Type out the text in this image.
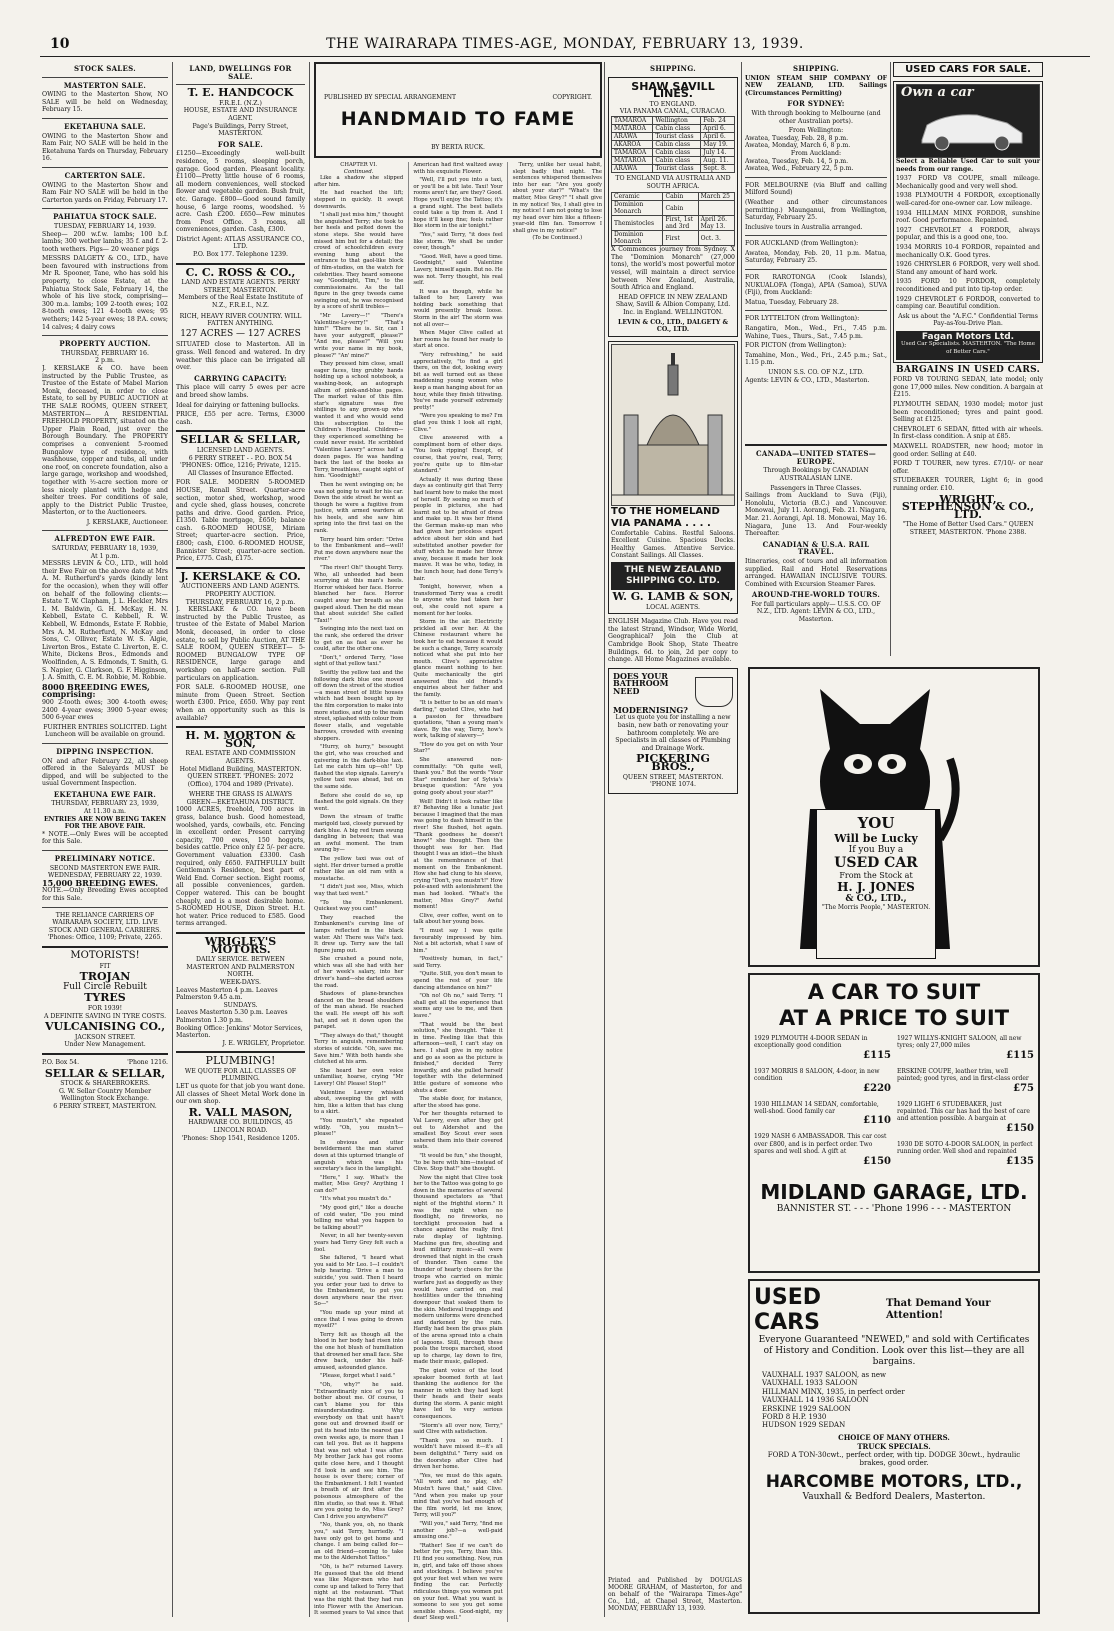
10	THE WAIRARAPA TIMES-AGE, MONDAY, FEBRUARY 13, 1939.
STOCK SALES.
MASTERTON SALE.

OWING to the Masterton Show, NO SALE will be held on Wednesday, February 15.

EKETAHUNA SALE.

OWING to the Masterton Show and Ram Fair, NO SALE will be held in the Eketahuna Yards on Thursday, February 16.

CARTERTON SALE.

OWING to the Masterton Show and Ram Fair NO SALE will be held in the Carterton yards on Friday, February 17.

PAHIATUA STOCK SALE.
TUESDAY, FEBRUARY 14, 1939.

Sheep— 200 w.f.w. lambs; 100 b.f. lambs; 300 wether lambs; 35 f. and f. 2-tooth wethers. Pigs— 20 weaner pigs

MESSRS DALGETY & CO., LTD., have been favoured with instructions from Mr R. Spooner, Tane, who has sold his property, to close Estate, at the Pahiatua Stock Sale, February 14, the whole of his live stock, comprising— 300 m.a. lambs; 109 2-tooth ewes; 102 8-tooth ewes; 121 4-tooth ewes; 95 wethers; 142 5-year ewes; 18 P.A. cows; 14 calves; 4 dairy cows

PROPERTY AUCTION.
THURSDAY, FEBRUARY 16.
2 p.m.

J. KERSLAKE & CO. have been instructed by the Public Trustee, as Trustee of the Estate of Mabel Marion Monk, deceased, in order to close Estate, to sell by PUBLIC AUCTION at THE SALE ROOMS, QUEEN STREET, MASTERTON— A RESIDENTIAL FREEHOLD PROPERTY, situated on the Upper Plain Road, just over the Borough Boundary. The PROPERTY comprises a convenient 5-roomed Bungalow type of residence, with washhouse, copper and tubs, all under one roof, on concrete foundation, also a large garage, workshop and woodshed, together with ½-acre section more or less nicely planted with hedge and shelter trees. For conditions of sale, apply to the District Public Trustee, Masterton, or to the Auctioneers.

J. KERSLAKE, Auctioneer.
ALFREDTON EWE FAIR.
SATURDAY, FEBRUARY 18, 1939,
At 1 p.m.

MESSRS LEVIN & CO., LTD., will hold their Ewe Fair on the above date at Mrs A. M. Rutherfurd's yards (kindly lent for the occasion), when they will offer on behalf of the following clients:— Estate T. W. Clapham, J. L. Heckler, Mrs I. M. Baldwin, G. H. McKay, H. N. Kebbell, Estate C. Kebbell, R. W. Kebbell, W. Edmonds, Estate F. Robbie, Mrs A. M. Rutherfurd, N. McKay and Sons, C. Olliver, Estate W. S. Algie, Liverton Bros., Estate C. Liverton, E. C. White, Dickens Bros., Edmonds and Woolfinden, A. S. Edmonds, T. Smith, G. S. Napier, G. Clarkson, G. F. Higginson, J. A. Smith, C. E. M. Robbie, M. Robbie.

8000 BREEDING EWES, comprising:

900 2-tooth ewes; 300 4-tooth ewes; 2400 4-year ewes; 3900 5-year ewes; 500 6-year ewes

FURTHER ENTRIES SOLICITED. Light Luncheon will be available on ground.

DIPPING INSPECTION.

ON and after February 22, all sheep offered in the Saleyards MUST be dipped, and will be subjected to the usual Government Inspection.

EKETAHUNA EWE FAIR.
THURSDAY, FEBRUARY 23, 1939,
At 11.30 a.m.
ENTRIES ARE NOW BEING TAKEN FOR THE ABOVE FAIR.

* NOTE.—Only Ewes will be accepted for this Sale.

PRELIMINARY NOTICE.
SECOND MASTERTON EWE FAIR.
WEDNESDAY, FEBRUARY 22, 1939.
15,000 BREEDING EWES.

NOTE.—Only Breeding Ewes accepted for this Sale.

THE RELIANCE CARRIERS OF WAIRARAPA SOCIETY, LTD. LIVE STOCK AND GENERAL CARRIERS. 'Phones: Office, 1109; Private, 2265.

MOTORISTS!
FIT
TROJAN
Full Circle Rebuilt
TYRES
FOR 1939!
A DEFINITE SAVING IN TYRE COSTS.
VULCANISING CO.,
JACKSON STREET.
Under New Management.
P.O. Box 54.	'Phone 1216.
SELLAR & SELLAR,
STOCK & SHAREBROKERS.
G. W. Sellar Country Member Wellington Stock Exchange.
6 PERRY STREET, MASTERTON.
LAND, DWELLINGS FOR SALE.
T. E. HANDCOCK
F.R.E.I. (N.Z.)
HOUSE, ESTATE AND INSURANCE AGENT.
Page's Buildings, Perry Street, MASTERTON.
FOR SALE.

£1250—Exceedingly well-built residence, 5 rooms, sleeping porch, garage. Good garden. Pleasant locality. £1100—Pretty little house of 6 rooms, all modern conveniences, well stocked flower and vegetable garden. Bush fruit, etc. Garage. £800—Good sound family house, 6 large rooms, woodshed. ½ acre. Cash £200. £650—Few minutes from Post Office. 3 rooms, all conveniences, garden. Cash, £300.

District Agent: ATLAS ASSURANCE CO., LTD.
P.O. Box 177. Telephone 1239.
C. C. ROSS & CO.,
LAND AND ESTATE AGENTS. PERRY STREET, MASTERTON.
Members of the Real Estate Institute of N.Z., F.R.E.I., N.Z.
RICH, HEAVY RIVER COUNTRY. WILL FATTEN ANYTHING.
127 ACRES — 127 ACRES

SITUATED close to Masterton. All in grass. Well fenced and watered. In dry weather this place can be irrigated all over.

CARRYING CAPACITY:

This place will carry 5 ewes per acre and breed show lambs.

Ideal for dairying or fattening bullocks.

PRICE, £55 per acre. Terms, £3000 cash.

SELLAR & SELLAR,
LICENSED LAND AGENTS.

6 PERRY STREET - - P.O. BOX 54 'PHONES: Office, 1216; Private, 1215. All Classes of Insurance Effected.

FOR SALE. MODERN 5-ROOMED HOUSE, Renall Street. Quarter-acre section, motor shed, workshop, wood and cycle shed, glass houses, concrete paths and drive. Good garden. Price, £1350. Table mortgage, £650; balance cash. 6-ROOMED HOUSE, Miriam Street; quarter-acre section. Price, £800; cash, £100. 6-ROOMED HOUSE, Bannister Street; quarter-acre section. Price, £775. Cash, £175.

J. KERSLAKE & CO.
AUCTIONEERS AND LAND AGENTS. PROPERTY AUCTION.
THURSDAY, FEBRUARY 16, 2 p.m.

J. KERSLAKE & CO. have been instructed by the Public Trustee, as trustee of the Estate of Mabel Marion Monk, deceased, in order to close estate, to sell by Public Auction, AT THE SALE ROOM, QUEEN STREET— 5-ROOMED BUNGALOW TYPE OF RESIDENCE, large garage and workshop on half-acre section. Full particulars on application.

FOR SALE. 6-ROOMED HOUSE, one minute from Queen Street. Section worth £300. Price, £650. Why pay rent when an opportunity such as this is available?

H. M. MORTON & SON,
REAL ESTATE AND COMMISSION AGENTS.
Hotel Midland Building, MASTERTON. QUEEN STREET. 'PHONES: 2072 (Office), 1704 and 1989 (Private).
WHERE THE GRASS IS ALWAYS GREEN—EKETAHUNA DISTRICT.

1000 ACRES, freehold, 700 acres in grass, balance bush. Good homestead, woolshed, yards, cowbails, etc. Fencing in excellent order. Present carrying capacity, 700 ewes, 150 hoggets, besides cattle. Price only £2 5/- per acre. Government valuation £3300. Cash required, only £650. FAITHFULLY built Gentleman's Residence, best part of Weld End. Corner section. Eight rooms, all possible conveniences, garden. Copper watered. This can be bought cheaply, and is a most desirable home. 5-ROOMED HOUSE, Dixon Street. H.t. hot water. Price reduced to £585. Good terms arranged.

WRIGLEY'S MOTORS.
DAILY SERVICE. BETWEEN MASTERTON AND PALMERSTON NORTH.
WEEK-DAYS.
Leaves Masterton 4 p.m. Leaves Palmerston 9.45 a.m.
SUNDAYS.
Leaves Masterton 5.30 p.m. Leaves Palmerston 1.30 p.m.
Booking Office: Jenkins' Motor Services, Masterton.
J. E. WRIGLEY, Proprietor.
PLUMBING!
WE QUOTE FOR ALL CLASSES OF PLUMBING.

LET us quote for that job you want done. All classes of Sheet Metal Work done in our own shop.

R. VALL MASON,
HARDWARE CO. BUILDINGS, 45 LINCOLN ROAD.
'Phones: Shop 1541, Residence 1205.
PUBLISHED BY SPECIAL ARRANGEMENT	COPYRIGHT.
HANDMAID TO FAME
BY BERTA RUCK.
CHAPTER VI.
Continued.

Like a shadow she slipped after him.

He had reached the lift; stepped in quickly. It swept downwards.

"I shall just miss him," thought the anguished Terry; she took to her heels and pelted down the stone steps. She would have missed him but for a detail; the crowd of schoolchildren every evening hung about the entrance to that gaol-like block of film-studios, on the watch for celebrities. They heard someone say "Goodnight, Tim," to the commissionaire. As the tall figure in the grey tweeds came swinging out, he was recognised by a score of shrill trebles—

"Mr Lavery—!" "There's Valentine-Ly-verry!" "That's him!" "There he is. Sir, can I have your autygreff, please?" "And me, please?" "Will you write your name in my book, please?" "An' mine?"

They pressed him close, small eager faces, tiny grubby hands holding up a school notebook, a washing-book, an autograph album of pink-and-blue pages. The market value of this film star's signature was five shillings to any grown-up who wanted it and who would send this subscription to the Children's Hospital. Children—they experienced something he could never resist. He scribbled "Valentine Lavery" across half a dozen pages. He was handing back the last of the books as Terry, breathless, caught sight of him. "Goodnight!"

Then he went swinging on; he was not going to wait for his car. Down the side street he went as though he were a fugitive from justice, with armed warders at his heels, and she saw him spring into the first taxi on the rank.

Terry heard him order: "Drive to the Embankment and—well! Put me down anywhere near the river."

"The river! Oh!" thought Terry. Who, all unheeded had been scurrying at this man's heels. Horror whisked her face. Horror blanched her face. Horror caught away her breath as she gasped aloud. Then he did mean that about suicide! She called "Taxi!"

Swinging into the next taxi on the rank, she ordered the driver to get on as fast as ever he could, after the other one.

"Don't," ordered Terry, "lose sight of that yellow taxi."

Swiftly the yellow taxi and the following dark blue one moved off down the street of the studios—a mean street of little houses which had been bought up by the film corporation to make into more studios, and up to the main street, splashed with colour from flower stalls, and vegetable barrows, crowded with evening shoppers.

"Hurry, oh hurry," besought the girl, who was crouched and quivering in the dark-blue taxi. Let me catch him up—oh!" Up flashed the stop signals. Lavery's yellow taxi was ahead, but on the same side.

Before she could do so, up flashed the gold signals. On they went.

Down the stream of traffic marigold taxi, closely pursued by dark blue. A big red tram swung dangling in between; that was an awful moment. The tram swung by—

The yellow taxi was out of sight. Her driver turned a profile rather like an old ram with a moustache.

"I didn't just see, Miss, which way that taxi went."

"To the Embankment. Quickest way you can!"

They reached the Embankment's curving line of lamps reflected in the black water. Ah! There was Val's taxi. It drew up. Terry saw the tall figure jump out.

She crushed a pound note, which was all she had with her of her week's salary, into her driver's hand—she darted across the road.

Shadows of plane-branches danced on the broad shoulders of the man ahead. He reached the wall. He swept off his soft hat, and set it down upon the parapet.

"They always do that," thought Terry in anguish, remembering stories of suicide. "Oh, save me. Save him." With both hands she clutched at his arm.

She heard her own voice unfamiliar, hoarse, crying "Mr Lavery! Oh! Please! Stop!"

Valentine Lavery whisked about, sweeping the girl with him, like a kitten that has clung to a skirt.

"You mustn't," she repeated wildly. "Oh, you mustn't—please!"

In obvious and utter bewilderment the man stared down at this upturned triangle of anguish which was his secretary's face in the lamplight.

"Here," I say. What's the matter, Miss Grey? Anything I can do?"

"It's what you mustn't do."

"My good girl," like a douche of cold water, "Do you mind telling me what you happen to be talking about?"

Never, in all her twenty-seven years had Terry Grey felt such a fool.

She faltered, "I heard what you said to Mr Leo. I—I couldn't help hearing. 'Drive a man to suicide,' you said. Then I heard you order your taxi to drive to the Embankment, to put you down anywhere near the river. So—"

"You made up your mind at once that I was going to drown myself?"

Terry felt as though all the blood in her body had risen into the one hot blush of humiliation that drowned her small face. She drew back, under his half-amused, astounded glance.

"Please, forget what I said."

"Oh, why?" he said. "Extraordinarily nice of you to bother about me. Of course, I can't blame you for this misunderstanding. Why everybody on that unit hasn't gone out and drowned itself or put its head into the nearest gas oven weeks ago, is more than I can tell you. But as it happens that was not what I was after. My brother Jack has got rooms quite close here, and I thought I'd look in and see him. The house is over there; corner of the Embankment. I felt I wanted a breath of air first after the poisonous atmosphere of the film studio, so that was it. What are you going to do, Miss Grey? Can I drive you anywhere?"

"No, thank you, oh, no thank you," said Terry, hurriedly. "I have only got to get home and change. I am being called for—an old friend—coming to take me to the Aldershot Tattoo."

"Oh, is he?" returned Lavery. He guessed that the old friend was like Major-men who had come up and talked to Terry that night at the restaurant. "That was the night that they had run into Flower with the American. It seemed years to Val since that American had first waltzed away with his exquisite Flower.

"Well, I'll put you into a taxi, or you'll be a bit late. Taxi! Your rooms aren't far, are they? Good. Hope you'll enjoy the Tattoo; it's a grand sight. The best ballets could take a tip from it. And I hope it'll keep fine; feels rather like storm in the air tonight."

"Yes," said Terry, "it does feel like storm. We shall be under cover, though."

"Good. Well, have a good time. Goodnight," said Valentine Lavery, himself again. But no. He was not. Terry thought, his real self.

It was as though, while he talked to her, Lavery was holding back something that would presently break loose. Storm in the air! The storm was not all over—

When Major Clive called at her rooms he found her ready to start at once.

"Very refreshing," he said appreciatively, "to find a girl there, on the dot, looking every bit as well turned out as these maddening young women who keep a man hanging about for an hour, while they finish titivating. You've made yourself extremely pretty!"

"Were you speaking to me? I'm glad you think I look all right, Clive."

Clive answered with a compliment born of other days. "You look ripping! Except, of course, that you're, real, Terry, you're quite up to film-star standard."

Actually it was during these days as continuity girl that Terry had learnt how to make the most of herself. By seeing so much of people in pictures, she had learnt not to be afraid of dress and make up. It was her friend the German make-up man who had given her priceless expert advice about her skin and had substituted another powder for stuff which he made her throw away, because it made her look mauve. It was he who, today, in the lunch hour, had done Terry's hair.

Tonight, however, when a transformed Terry was a credit to anyone who had taken her out, she could not spare a moment for her looks.

Storm in the air. Electricity prickled all over her. At the Chinese restaurant where he took her to eat because it would be such a change, Terry scarcely noticed what she put into her mouth. Clive's appreciative glance meant nothing to her. Quite mechanically the girl answered this old friend's enquiries about her father and the family.

"It is better to be an old man's darling," quoted Clive, who had a passion for threadbare quotations, "than a young man's slave. By the way, Terry, how's work, talking of slavery—"

"How do you get on with Your Star?"

She answered non-committally: "Oh quite well, thank you." But the words "Your Star" reminded her of Sylvia's brusque question: "Are you going goofy about your star?"

Well! Didn't it look rather like it? Behaving like a lunatic just because I imagined that the man was going to dash himself in the river! She flushed, hot again. "Thank goodness he doesn't know!" she thought. Then the thought was for her. Had thought I was an idiot—the blush at the remembrance of that moment on the Embankment. How she had clung to his sleeve, crying "Don't, you mustn't!" How pole-axed with astonishment the man had looked. "What's the matter, Miss Grey?" Awful moment!

Clive, over coffee, went on to talk about her young boss.

"I must say I was quite favourably impressed by him. Not a bit actorish, what I saw of him."

"Positively human, in fact," said Terry.

"Quite. Still, you don't mean to spend the rest of your life dancing attendance on him?"

"Oh no! Oh no," said Terry. "I shall get all the experience that seems any use to me, and then leave."

"That would be the best solution," she thought. "Take it in time. Feeling like that this afternoon—well, I can't stay on here. I shall give in my notice and go as soon as the picture is finished," decided Terry inwardly, and she pulled herself together with the determined little gesture of someone who shuts a door.

The stable door, for instance, after the steed has gone.

For her thoughts returned to Val Lavery, even after they got out to Aldershot and the smallest Boy Scout ever seen ushered them into their covered seats.

"It would be fun," she thought, "to be here with him—instead of Clive. Stop that!" she thought.

Now the night that Clive took her to the Tattoo was going to go down in the memories of several thousand spectators as "that night of the frightful storm." It was the night when no floodlight, no fireworks, no torchlight procession had a chance against the really first rate display of lightning. Machine gun fire, shouting and loud military music—all were drowned that night in the crash of thunder. Then came the thunder of hearty cheers for the troops who carried on mimic warfare just as doggedly as they would have carried on real hostilities under the thrashing downpour that soaked them to the skin. Medieval trappings and modern uniforms were drenched and darkened by the rain. Hardly had been the grass plain of the arena spread into a chain of lagoons. Still, through these pools the troops marched, stood up to charge, lay down to fire, made their music, galloped.

The giant voice of the loud speaker boomed forth at last thanking the audience for the manner in which they had kept their heads and their seats during the storm. A panic might have led to very serious consequences.

"Storm's all over now, Terry," said Clive with satisfaction.

"Thank you so much. I wouldn't have missed it—it's all been delightful." Terry said on the doorstep after Clive had driven her home.

"Yes, we must do this again. "All work and no play, eh? Mustn't have that," said Clive. "And when you make up your mind that you've had enough of the film world, let me know, Terry, will you?"

"Will you," said Terry, "find me another job?—a well-paid amusing one."

"Rather! See if we can't do better for you, Terry, than this. I'll find you something. Now, run in, girl, and take off those shoes and stockings. I believe you've got your feet wet when we were finding the car. Perfectly ridiculous things you women put on your feet. What you want is someone to see you get some sensible shoes. Good-night, my dear! Sleep well."

Terry, unlike her usual habit, slept badly that night. The sentences whispered themselves into her ear. "Are you goofy about your star?" "What's the matter, Miss Grey?" "I shall give in my notice! Yes, I shall give in my notice! I am not going to lose my head over him like a fifteen-year-old film fan. Tomorrow I shall give in my notice!"

(To be Continued.)
SHIPPING.
SHAW SAVILL LINES.
TO ENGLAND.
VIA PANAMA CANAL, CURACAO.
TAMAROA	Wellington	Feb. 24
MATAROA	Cabin class	April 6.
ARAWA	Tourist class	April 6.
AKAROA	Cabin class	May 19.
TAMAROA	Cabin class	July 14.
MATAROA	Cabin class	Aug. 11.
ARAWA	Tourist class	Sept. 8.
TO ENGLAND VIA AUSTRALIA AND SOUTH AFRICA.
Ceramic	Cabin	March 25
Dominion Monarch	Cabin	
Themistocles	First, 1st and 3rd	April 26. May 13.
Dominion Monarch	First	Oct. 3.

X Commences journey from Sydney. X The "Dominion Monarch" (27,000 tons), the world's most powerful motor vessel, will maintain a direct service between New Zealand, Australia, South Africa and England.

HEAD OFFICE IN NEW ZEALAND Shaw, Savill & Albion Company, Ltd. Inc. in England. WELLINGTON.

LEVIN & CO., LTD., DALGETY & CO., LTD.
TO THE HOMELAND VIA PANAMA . . . .

Comfortable Cabins. Restful Saloons. Excellent Cuisine. Spacious Decks. Healthy Games. Attentive Service. Constant Sailings. All Classes.

THE NEW ZEALAND SHIPPING CO. LTD.
W. G. LAMB & SON,
LOCAL AGENTS.

ENGLISH Magazine Club. Have you read the latest Strand, Windsor, Wide World, Geographical? Join the Club at Cambridge Book Shop, State Theatre Buildings. 6d. to join, 2d per copy to change. All Home Magazines available.

DOES YOUR
BATHROOM
NEED
MODERNISING?

Let us quote you for installing a new basin, new bath or renovating your bathroom completely. We are Specialists in all classes of Plumbing and Drainage Work.

PICKERING BROS.,
QUEEN STREET, MASTERTON. 'PHONE 1074.

Printed and Published by DOUGLAS MOORE GRAHAM, of Masterton, for and on behalf of the "Wairarapa Times-Age" Co., Ltd., at Chapel Street, Masterton. MONDAY, FEBRUARY 13, 1939.

SHIPPING.

UNION STEAM SHIP COMPANY OF NEW ZEALAND, LTD. Sailings (Circumstances Permitting)

FOR SYDNEY:

With through booking to Melbourne (and other Australian ports).

From Wellington:
Awatea, Tuesday, Feb. 28, 8 p.m.
Awatea, Monday, March 6, 8 p.m.
From Auckland:
Awatea, Tuesday, Feb. 14, 5 p.m.
Awatea, Wed., February 22, 5 p.m.

FOR MELBOURNE (via Bluff and calling Milford Sound)

(Weather and other circumstances permitting.) Maunganui, from Wellington, Saturday, February 25.

Inclusive tours in Australia arranged.

FOR AUCKLAND (from Wellington):

Awatea, Monday, Feb. 20, 11 p.m. Matua, Saturday, February 25.

FOR RAROTONGA (Cook Islands), NUKUALOFA (Tonga), APIA (Samoa), SUVA (Fiji), from Auckland:

Matua, Tuesday, February 28.

FOR LYTTELTON (from Wellington):

Rangatira, Mon., Wed., Fri., 7.45 p.m. Wahine, Tues., Thurs., Sat., 7.45 p.m.

FOR PICTON (from Wellington):

Tamahine, Mon., Wed., Fri., 2.45 p.m.; Sat., 1.15 p.m.

UNION S.S. CO. OF N.Z., LTD.

Agents: LEVIN & CO., LTD., Masterton.

CANADA—UNITED STATES—EUROPE.

Through Bookings by CANADIAN AUSTRALASIAN LINE.

Passengers in Three Classes.

Sailings from Auckland to Suva (Fiji), Honolulu, Victoria (B.C.) and Vancouver. Monowai, July 11. Aorangi, Feb. 21. Niagara, Mar. 21. Aorangi, Apl. 18. Monowai, May 16. Niagara, June 13. And Four-weekly Thereafter.

CANADIAN & U.S.A. RAIL TRAVEL.

Itineraries, cost of tours and all information supplied. Rail and Hotel Reservations arranged. HAWAIIAN INCLUSIVE TOURS. Combined with Excursion Steamer Fares.

AROUND-THE-WORLD TOURS.

For full particulars apply— U.S.S. CO. OF N.Z., LTD. Agent: LEVIN & CO., LTD., Masterton.

USED CARS FOR SALE.
Own a car

Select a Reliable Used Car to suit your needs from our range.

1937 FORD V8 COUPE, small mileage. Mechanically good and very well shod.

1938 PLYMOUTH 4 FORDOR, exceptionally well-cared-for one-owner car. Low mileage.

1934 HILLMAN MINX FORDOR, sunshine roof. Good performance. Repainted.

1927 CHEVROLET 4 FORDOR, always popular, and this is a good one, too.

1934 MORRIS 10-4 FORDOR, repainted and mechanically O.K. Good tyres.

1926 CHRYSLER 6 FORDOR, very well shod. Stand any amount of hard work.

1935 FORD 10 FORDOR, completely reconditioned and put into tip-top order.

1929 CHEVROLET 6 FORDOR, converted to camping car. Beautiful condition.

Ask us about the "A.F.C." Confidential Terms Pay-as-You-Drive Plan.

Fagan Motors Ltd.
Used Car Specialists. MASTERTON. "The Home of Better Cars."
BARGAINS IN USED CARS.

FORD V8 TOURING SEDAN, late model; only gone 17,000 miles. New condition. A bargain at £215.

PLYMOUTH SEDAN, 1930 model; motor just been reconditioned; tyres and paint good. Selling at £125.

CHEVROLET 6 SEDAN, fitted with air wheels. In first-class condition. A snip at £85.

MAXWELL ROADSTER, new hood; motor in good order. Selling at £40.

FORD T TOURER, new tyres. £7/10/- or near offer.

STUDEBAKER TOURER, Light 6; in good running order. £10.

WRIGHT, STEPHENSON & CO., LTD.
"The Home of Better Used Cars." QUEEN STREET, MASTERTON. 'Phone 2388.
YOU
Will be Lucky
If you Buy a
USED CAR
From the Stock at
H. J. JONES
& CO., LTD.,
"The Morris People," MASTERTON.
A CAR TO SUIT
AT A PRICE TO SUIT
1929 PLYMOUTH 4-DOOR SEDAN in exceptionally good condition
£115
1937 MORRIS 8 SALOON, 4-door, in new condition
£220
1930 HILLMAN 14 SEDAN, comfortable, well-shod. Good family car
£110
1929 NASH 6 AMBASSADOR. This car cost over £800, and is in perfect order. Two spares and well shod. A gift at
£150
1927 WILLYS-KNIGHT SALOON, all new tyres; only 27,000 miles
£115
ERSKINE COUPE, leather trim, well painted; good tyres, and in first-class order
£75
1929 LIGHT 6 STUDEBAKER, just repainted. This car has had the best of care and attention possible. A bargain at
£150
1930 DE SOTO 4-DOOR SALOON, in perfect running order. Well shod and repainted
£135
MIDLAND GARAGE, LTD.
BANNISTER ST. - - - 'Phone 1996 - - - MASTERTON
USED CARS
That Demand Your Attention!

Everyone Guaranteed "NEWED," and sold with Certificates of History and Condition. Look over this list—they are all bargains.

VAUXHALL 1937 SALOON, as new
VAUXHALL 1933 SALOON
HILLMAN MINX, 1935, in perfect order
VAUXHALL 14 1936 SALOON
ERSKINE 1929 SALOON
FORD 8 H.P. 1930
HUDSON 1929 SEDAN
CHOICE OF MANY OTHERS.
TRUCK SPECIALS.

FORD A TON-30cwt., perfect order, with tip. DODGE 30cwt., hydraulic brakes, good order.

HARCOMBE MOTORS, LTD.,
Vauxhall & Bedford Dealers, Masterton.
